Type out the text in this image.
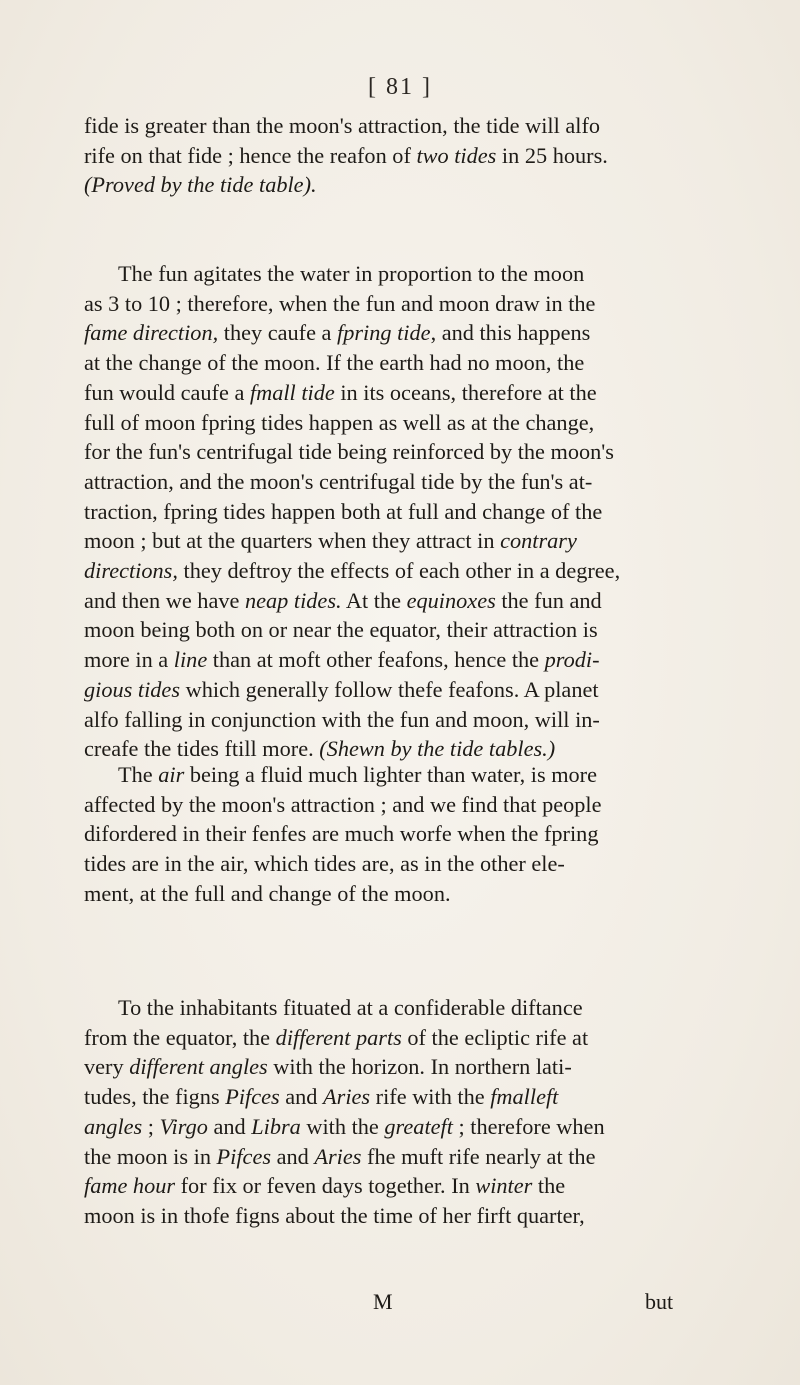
[ 81 ]
fide is greater than the moon's attraction, the tide will alfo
rife on that fide ; hence the reafon of two tides in 25 hours.
(Proved by the tide table).
The fun agitates the water in proportion to the moon
as 3 to 10 ; therefore, when the fun and moon draw in the
fame direction, they caufe a fpring tide, and this happens
at the change of the moon. If the earth had no moon, the
fun would caufe a fmall tide in its oceans, therefore at the
full of moon fpring tides happen as well as at the change,
for the fun's centrifugal tide being reinforced by the moon's
attraction, and the moon's centrifugal tide by the fun's at-
traction, fpring tides happen both at full and change of the
moon ; but at the quarters when they attract in contrary
directions, they deftroy the effects of each other in a degree,
and then we have neap tides. At the equinoxes the fun and
moon being both on or near the equator, their attraction is
more in a line than at moft other feafons, hence the prodi-
gious tides which generally follow thefe feafons. A planet
alfo falling in conjunction with the fun and moon, will in-
creafe the tides ftill more. (Shewn by the tide tables.)
The air being a fluid much lighter than water, is more
affected by the moon's attraction ; and we find that people
difordered in their fenfes are much worfe when the fpring
tides are in the air, which tides are, as in the other ele-
ment, at the full and change of the moon.
To the inhabitants fituated at a confiderable diftance
from the equator, the different parts of the ecliptic rife at
very different angles with the horizon. In northern lati-
tudes, the figns Pifces and Aries rife with the fmalleft
angles ; Virgo and Libra with the greateft ; therefore when
the moon is in Pifces and Aries fhe muft rife nearly at the
fame hour for fix or feven days together. In winter the
moon is in thofe figns about the time of her firft quarter,
M	but
